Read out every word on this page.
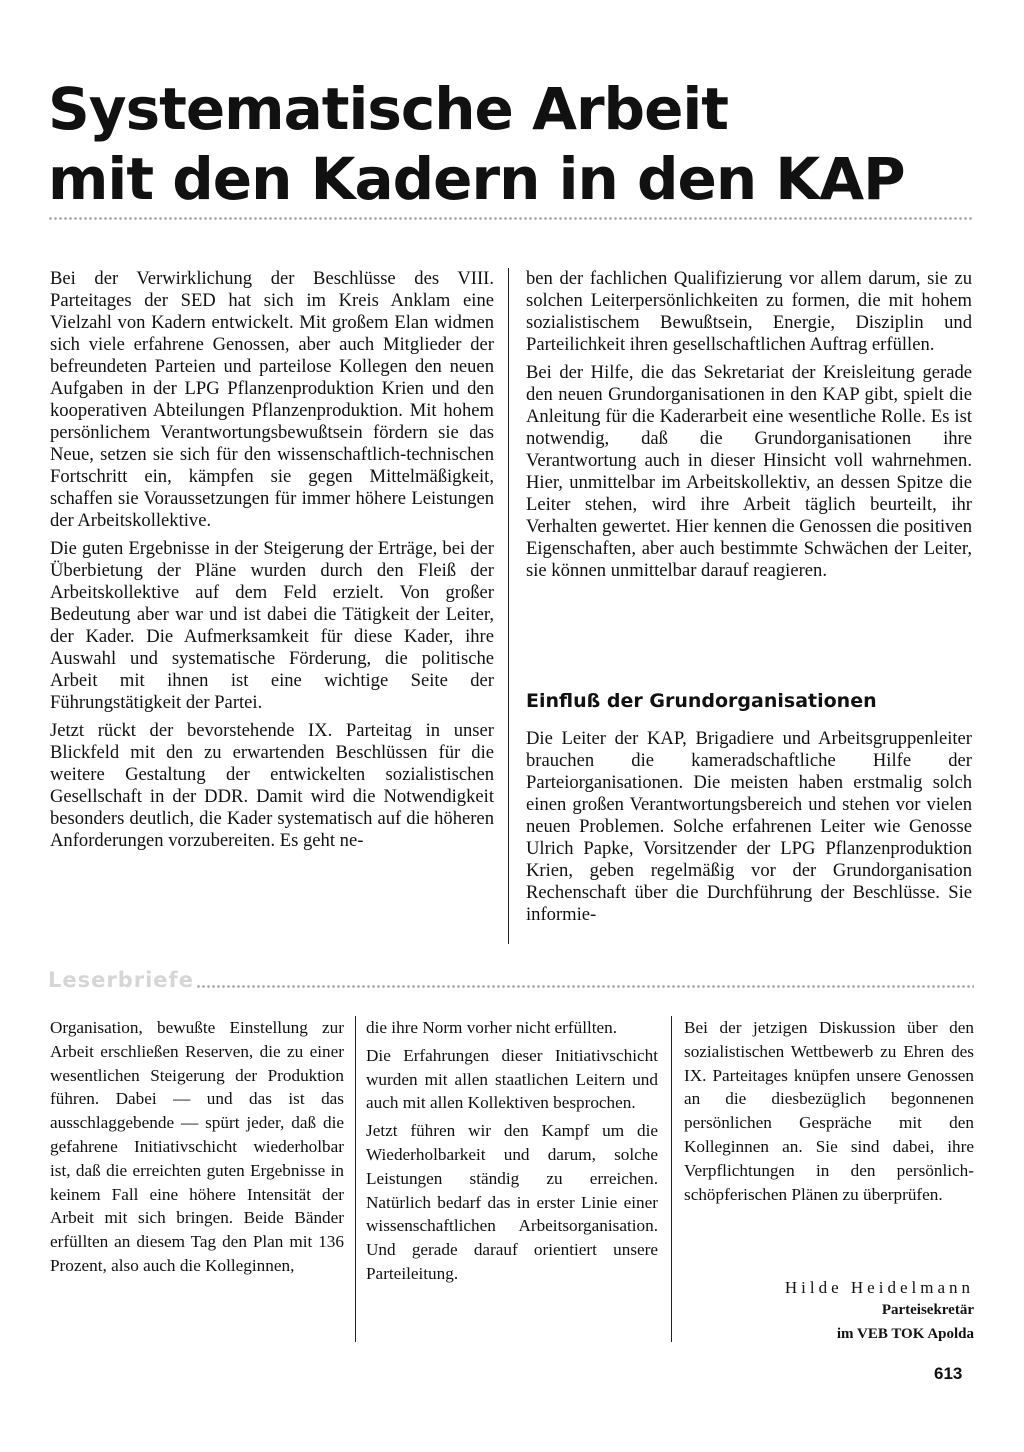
Systematische Arbeit
mit den Kadern in den KAP

Bei der Verwirklichung der Beschlüsse des VIII. Parteitages der SED hat sich im Kreis Anklam eine Vielzahl von Kadern entwickelt. Mit großem Elan widmen sich viele erfahrene Genossen, aber auch Mitglieder der befreundeten Parteien und parteilose Kollegen den neuen Aufgaben in der LPG Pflanzenproduktion Krien und den kooperativen Abteilungen Pflanzenproduktion. Mit hohem persönlichem Verantwortungsbewußtsein fördern sie das Neue, setzen sie sich für den wissenschaftlich-technischen Fortschritt ein, kämpfen sie gegen Mittelmäßigkeit, schaffen sie Voraussetzungen für immer höhere Leistungen der Arbeitskollektive.

Die guten Ergebnisse in der Steigerung der Erträge, bei der Überbietung der Pläne wurden durch den Fleiß der Arbeitskollektive auf dem Feld erzielt. Von großer Bedeutung aber war und ist dabei die Tätigkeit der Leiter, der Kader. Die Aufmerksamkeit für diese Kader, ihre Auswahl und systematische Förderung, die politische Arbeit mit ihnen ist eine wichtige Seite der Führungstätigkeit der Partei.

Jetzt rückt der bevorstehende IX. Parteitag in unser Blickfeld mit den zu erwartenden Beschlüssen für die weitere Gestaltung der entwickelten sozialistischen Gesellschaft in der DDR. Damit wird die Notwendigkeit besonders deutlich, die Kader systematisch auf die höheren Anforderungen vorzubereiten. Es geht ne-

ben der fachlichen Qualifizierung vor allem darum, sie zu solchen Leiterpersönlichkeiten zu formen, die mit hohem sozialistischem Bewußtsein, Energie, Disziplin und Parteilichkeit ihren gesellschaftlichen Auftrag erfüllen.

Bei der Hilfe, die das Sekretariat der Kreisleitung gerade den neuen Grundorganisationen in den KAP gibt, spielt die Anleitung für die Kaderarbeit eine wesentliche Rolle. Es ist notwendig, daß die Grundorganisationen ihre Verantwortung auch in dieser Hinsicht voll wahrnehmen. Hier, unmittelbar im Arbeitskollektiv, an dessen Spitze die Leiter stehen, wird ihre Arbeit täglich beurteilt, ihr Verhalten gewertet. Hier kennen die Genossen die positiven Eigenschaften, aber auch bestimmte Schwächen der Leiter, sie können unmittelbar darauf reagieren.

Einfluß der Grundorganisationen

Die Leiter der KAP, Brigadiere und Arbeitsgruppenleiter brauchen die kameradschaftliche Hilfe der Parteiorganisationen. Die meisten haben erstmalig solch einen großen Verantwortungsbereich und stehen vor vielen neuen Problemen. Solche erfahrenen Leiter wie Genosse Ulrich Papke, Vorsitzender der LPG Pflanzenproduktion Krien, geben regelmäßig vor der Grundorganisation Rechenschaft über die Durchführung der Beschlüsse. Sie informie-

Leserbriefe

Organisation, bewußte Einstellung zur Arbeit erschließen Reserven, die zu einer wesentlichen Steigerung der Produktion führen. Dabei — und das ist das ausschlaggebende — spürt jeder, daß die gefahrene Initiativschicht wiederholbar ist, daß die erreichten guten Ergebnisse in keinem Fall eine höhere Intensität der Arbeit mit sich bringen. Beide Bänder erfüllten an diesem Tag den Plan mit 136 Prozent, also auch die Kolleginnen,

die ihre Norm vorher nicht erfüllten.

Die Erfahrungen dieser Initiativschicht wurden mit allen staatlichen Leitern und auch mit allen Kollektiven besprochen.

Jetzt führen wir den Kampf um die Wiederholbarkeit und darum, solche Leistungen ständig zu erreichen. Natürlich bedarf das in erster Linie einer wissenschaftlichen Arbeitsorganisation. Und gerade darauf orientiert unsere Parteileitung.

Bei der jetzigen Diskussion über den sozialistischen Wettbewerb zu Ehren des IX. Parteitages knüpfen unsere Genossen an die diesbezüglich begonnenen persönlichen Gespräche mit den Kolleginnen an. Sie sind dabei, ihre Verpflichtungen in den persönlich-schöpferischen Plänen zu überprüfen.

Hilde Heidelmann
Parteisekretär
im VEB TOK Apolda
613
